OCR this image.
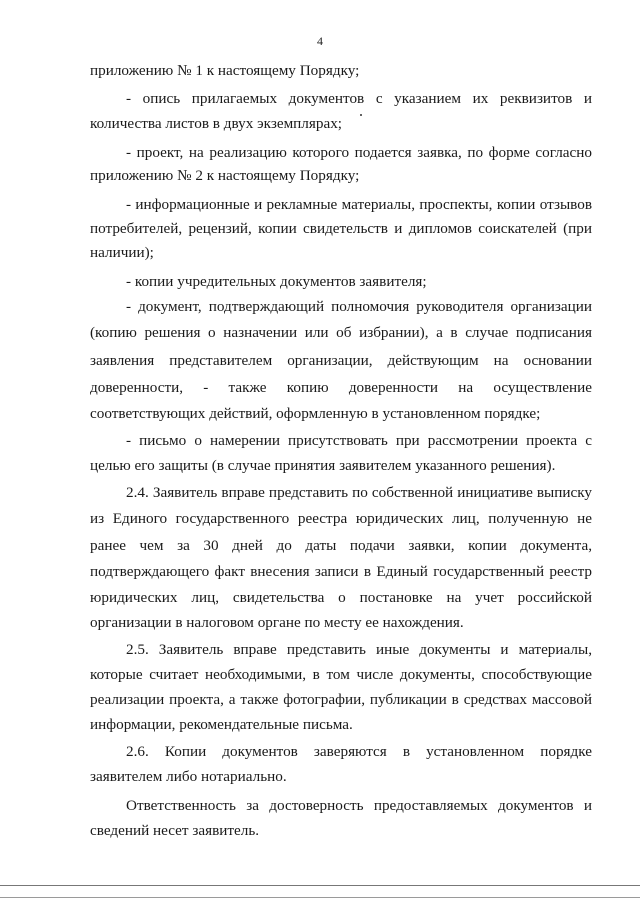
4
приложению № 1 к настоящему Порядку;
- опись прилагаемых документов с указанием их реквизитов и
количества листов в двух экземплярах;
- проект, на реализацию которого подается заявка, по форме согласно
приложению № 2 к настоящему Порядку;
- информационные и рекламные материалы, проспекты, копии отзывов
потребителей, рецензий, копии свидетельств и дипломов соискателей (при
наличии);
- копии учредительных документов заявителя;
- документ, подтверждающий полномочия руководителя организации
(копию решения о назначении или об избрании), а в случае подписания
заявления представителем организации, действующим на основании
доверенности, - также копию доверенности на осуществление
соответствующих действий, оформленную в установленном порядке;
- письмо о намерении присутствовать при рассмотрении проекта с
целью его защиты (в случае принятия заявителем указанного решения).
2.4. Заявитель вправе представить по собственной инициативе выписку
из Единого государственного реестра юридических лиц, полученную не
ранее чем за 30 дней до даты подачи заявки, копии документа,
подтверждающего факт внесения записи в Единый государственный реестр
юридических лиц, свидетельства о постановке на учет российской
организации в налоговом органе по месту ее нахождения.
2.5. Заявитель вправе представить иные документы и материалы,
которые считает необходимыми, в том числе документы, способствующие
реализации проекта, а также фотографии, публикации в средствах массовой
информации, рекомендательные письма.
2.6. Копии документов заверяются в установленном порядке
заявителем либо нотариально.
Ответственность за достоверность предоставляемых документов и
сведений несет заявитель.
